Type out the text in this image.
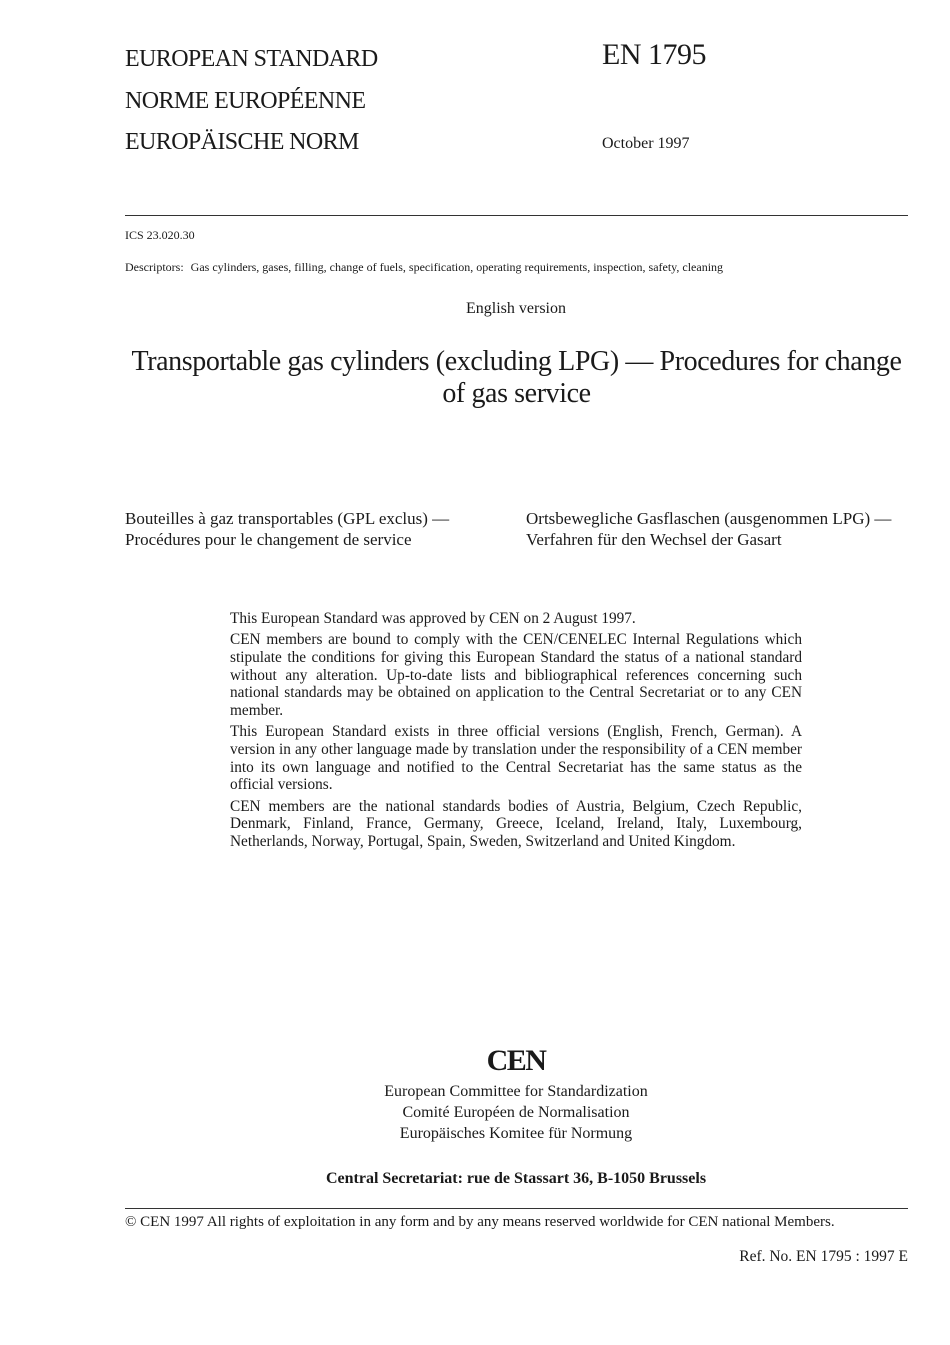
EUROPEAN STANDARD
NORME EUROPÉENNE
EUROPÄISCHE NORM
EN 1795
October 1997
ICS 23.020.30
Descriptors: Gas cylinders, gases, filling, change of fuels, specification, operating requirements, inspection, safety, cleaning
English version
Transportable gas cylinders (excluding LPG) — Procedures for change of gas service
Bouteilles à gaz transportables (GPL exclus) —
Procédures pour le changement de service
Ortsbewegliche Gasflaschen (ausgenommen LPG) —
Verfahren für den Wechsel der Gasart

This European Standard was approved by CEN on 2 August 1997.

CEN members are bound to comply with the CEN/CENELEC Internal Regulations which stipulate the conditions for giving this European Standard the status of a national standard without any alteration. Up-to-date lists and bibliographical references concerning such national standards may be obtained on application to the Central Secretariat or to any CEN member.

This European Standard exists in three official versions (English, French, German). A version in any other language made by translation under the responsibility of a CEN member into its own language and notified to the Central Secretariat has the same status as the official versions.

CEN members are the national standards bodies of Austria, Belgium, Czech Republic, Denmark, Finland, France, Germany, Greece, Iceland, Ireland, Italy, Luxembourg, Netherlands, Norway, Portugal, Spain, Sweden, Switzerland and United Kingdom.

CEN
European Committee for Standardization
Comité Européen de Normalisation
Europäisches Komitee für Normung
Central Secretariat: rue de Stassart 36, B-1050 Brussels
© CEN 1997 All rights of exploitation in any form and by any means reserved worldwide for CEN national Members.
Ref. No. EN 1795 : 1997 E
